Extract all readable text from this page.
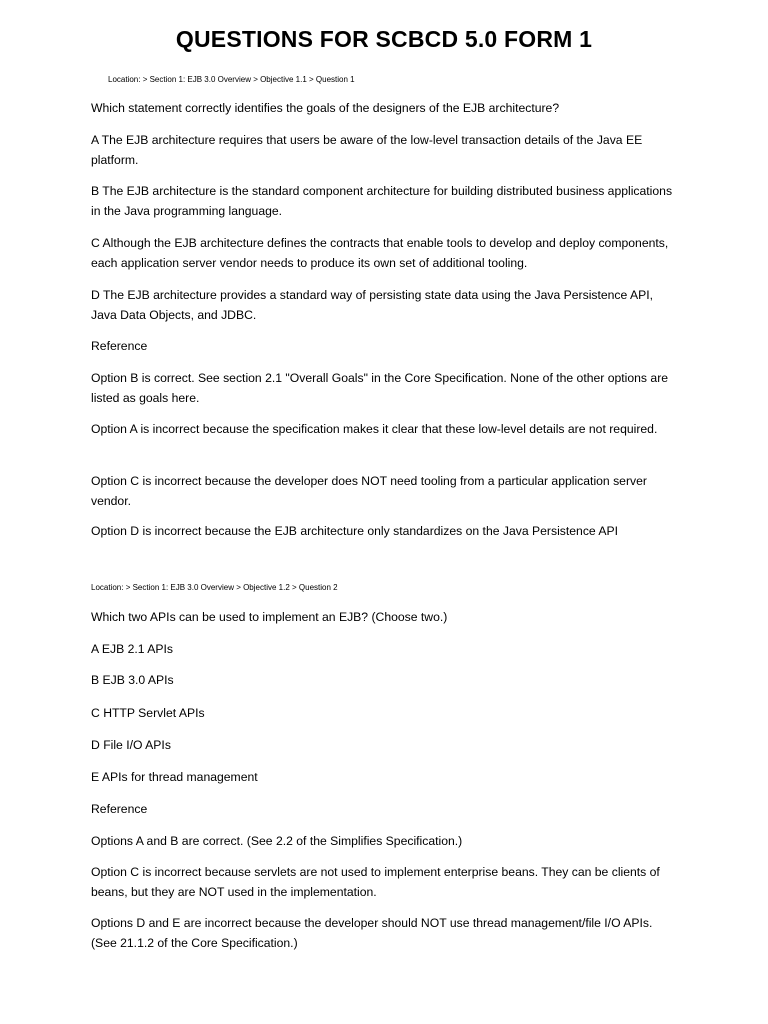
QUESTIONS FOR SCBCD 5.0 FORM 1
Location: > Section 1: EJB 3.0 Overview > Objective 1.1 > Question 1
Which statement correctly identifies the goals of the designers of the EJB architecture?
A The EJB architecture requires that users be aware of the low-level transaction details of the Java EE platform.
B The EJB architecture is the standard component architecture for building distributed business applications in the Java programming language.
C Although the EJB architecture defines the contracts that enable tools to develop and deploy components, each application server vendor needs to produce its own set of additional tooling.
D The EJB architecture provides a standard way of persisting state data using the Java Persistence API, Java Data Objects, and JDBC.
Reference
Option B is correct. See section 2.1 "Overall Goals" in the Core Specification. None of the other options are listed as goals here.
Option A is incorrect because the specification makes it clear that these low-level details are not required.
Option C is incorrect because the developer does NOT need tooling from a particular application server vendor.
Option D is incorrect because the EJB architecture only standardizes on the Java Persistence API
Location: > Section 1: EJB 3.0 Overview > Objective 1.2 > Question 2
Which two APIs can be used to implement an EJB? (Choose two.)
A EJB 2.1 APIs
B EJB 3.0 APIs
C HTTP Servlet APIs
D File I/O APIs
E APIs for thread management
Reference
Options A and B are correct. (See 2.2 of the Simplifies Specification.)
Option C is incorrect because servlets are not used to implement enterprise beans. They can be clients of beans, but they are NOT used in the implementation.
Options D and E are incorrect because the developer should NOT use thread management/file I/O APIs. (See 21.1.2 of the Core Specification.)
